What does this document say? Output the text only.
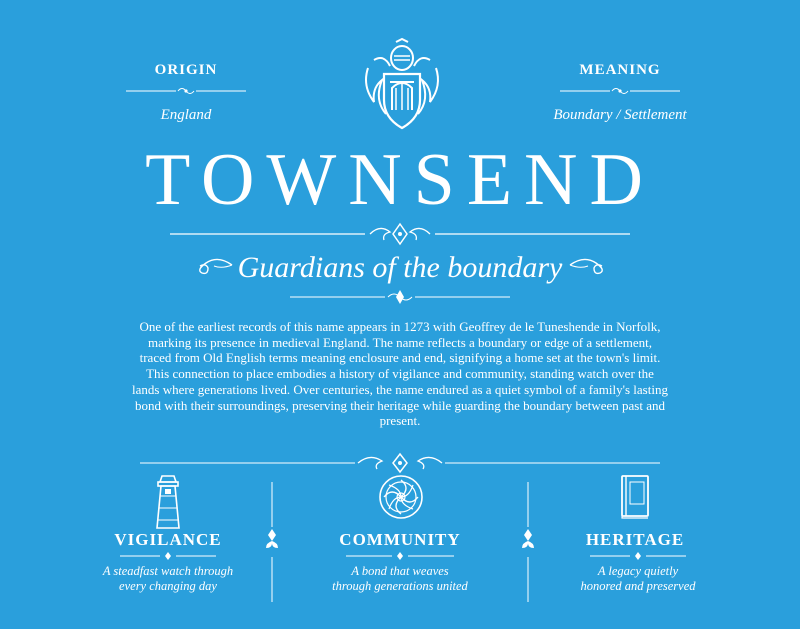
ORIGIN
England
MEANING
Boundary / Settlement
TOWNSEND
Guardians of the boundary
One of the earliest records of this name appears in 1273 with Geoffrey de le Tuneshende in Norfolk, marking its presence in medieval England. The name reflects a boundary or edge of a settlement, traced from Old English terms meaning enclosure and end, signifying a home set at the town's limit. This connection to place embodies a history of vigilance and community, standing watch over the lands where generations lived. Over centuries, the name endured as a quiet symbol of a family's lasting bond with their surroundings, preserving their heritage while guarding the boundary between past and present.
VIGILANCE
A steadfast watch through
every changing day
COMMUNITY
A bond that weaves
through generations united
HERITAGE
A legacy quietly
honored and preserved
